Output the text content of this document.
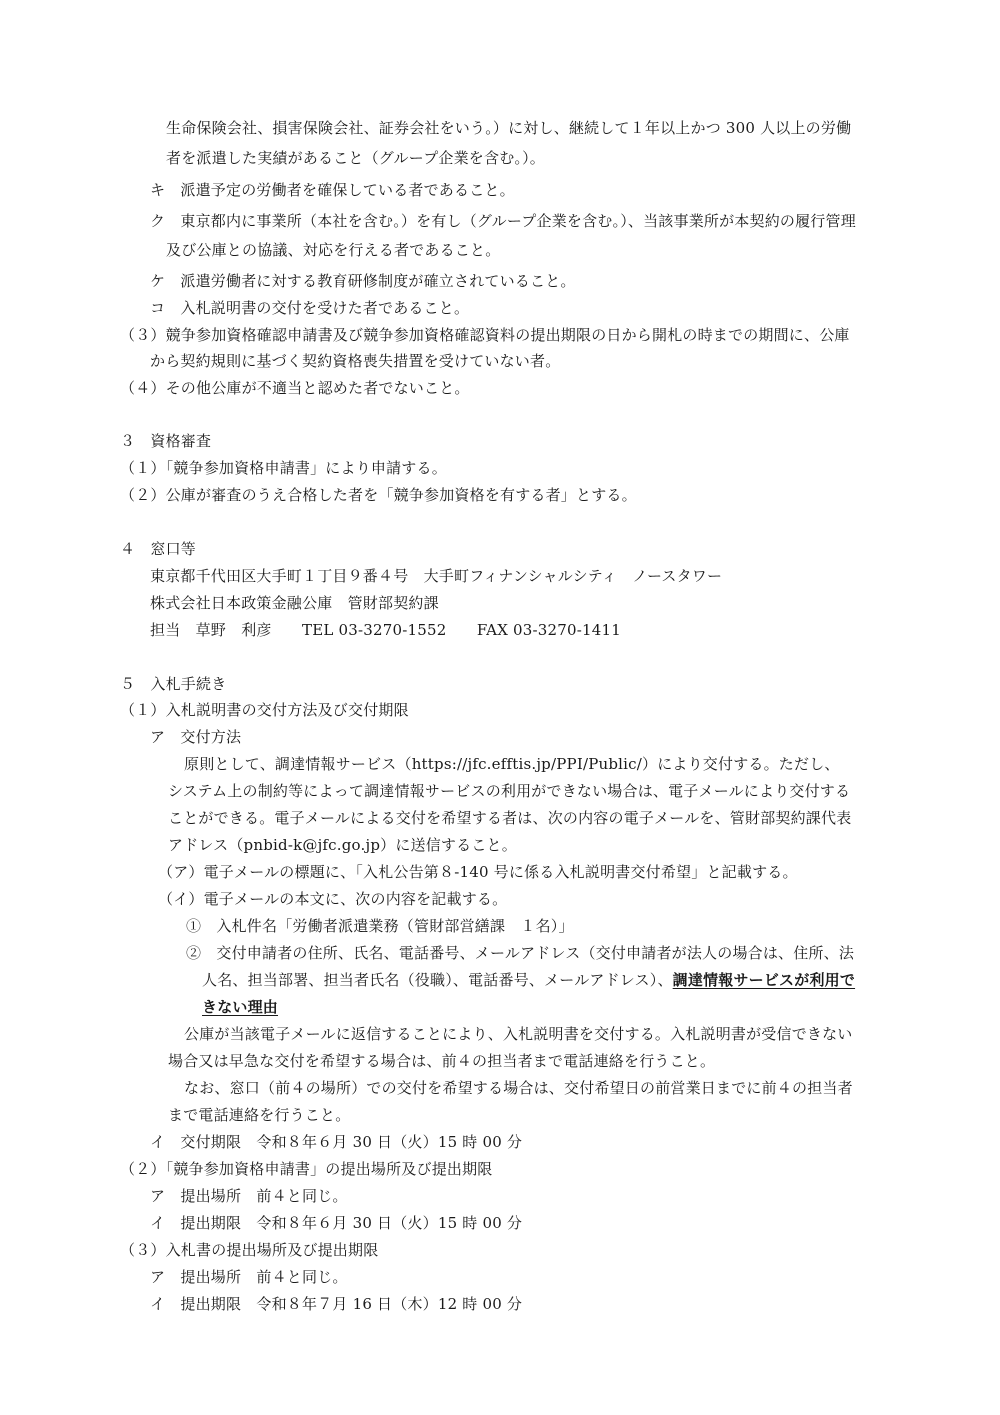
生命保険会社、損害保険会社、証券会社をいう。）に対し、継続して１年以上かつ 300 人以上の労働
者を派遣した実績があること（グループ企業を含む。）。
キ　派遣予定の労働者を確保している者であること。
ク　東京都内に事業所（本社を含む。）を有し（グループ企業を含む。）、当該事業所が本契約の履行管理
及び公庫との協議、対応を行える者であること。
ケ　派遣労働者に対する教育研修制度が確立されていること。
コ　入札説明書の交付を受けた者であること。
（３）競争参加資格確認申請書及び競争参加資格確認資料の提出期限の日から開札の時までの期間に、公庫
から契約規則に基づく契約資格喪失措置を受けていない者。
（４）その他公庫が不適当と認めた者でないこと。
３　資格審査
（１）「競争参加資格申請書」により申請する。
（２）公庫が審査のうえ合格した者を「競争参加資格を有する者」とする。
４　窓口等
東京都千代田区大手町１丁目９番４号　大手町フィナンシャルシティ　ノースタワー
株式会社日本政策金融公庫　管財部契約課
担当　草野　利彦　　TEL 03-3270-1552　　FAX 03-3270-1411
５　入札手続き
（１）入札説明書の交付方法及び交付期限
ア　交付方法
原則として、調達情報サービス（https://jfc.efftis.jp/PPI/Public/）により交付する。ただし、
システム上の制約等によって調達情報サービスの利用ができない場合は、電子メールにより交付する
ことができる。電子メールによる交付を希望する者は、次の内容の電子メールを、管財部契約課代表
アドレス（pnbid-k@jfc.go.jp）に送信すること。
（ア）電子メールの標題に、「入札公告第８-140 号に係る入札説明書交付希望」と記載する。
（イ）電子メールの本文に、次の内容を記載する。
①　入札件名「労働者派遣業務（管財部営繕課　１名）」
②　交付申請者の住所、氏名、電話番号、メールアドレス（交付申請者が法人の場合は、住所、法
人名、担当部署、担当者氏名（役職）、電話番号、メールアドレス）、調達情報サービスが利用で
きない理由
公庫が当該電子メールに返信することにより、入札説明書を交付する。入札説明書が受信できない
場合又は早急な交付を希望する場合は、前４の担当者まで電話連絡を行うこと。
なお、窓口（前４の場所）での交付を希望する場合は、交付希望日の前営業日までに前４の担当者
まで電話連絡を行うこと。
イ　交付期限　令和８年６月 30 日（火）15 時 00 分
（２）「競争参加資格申請書」の提出場所及び提出期限
ア　提出場所　前４と同じ。
イ　提出期限　令和８年６月 30 日（火）15 時 00 分
（３）入札書の提出場所及び提出期限
ア　提出場所　前４と同じ。
イ　提出期限　令和８年７月 16 日（木）12 時 00 分
